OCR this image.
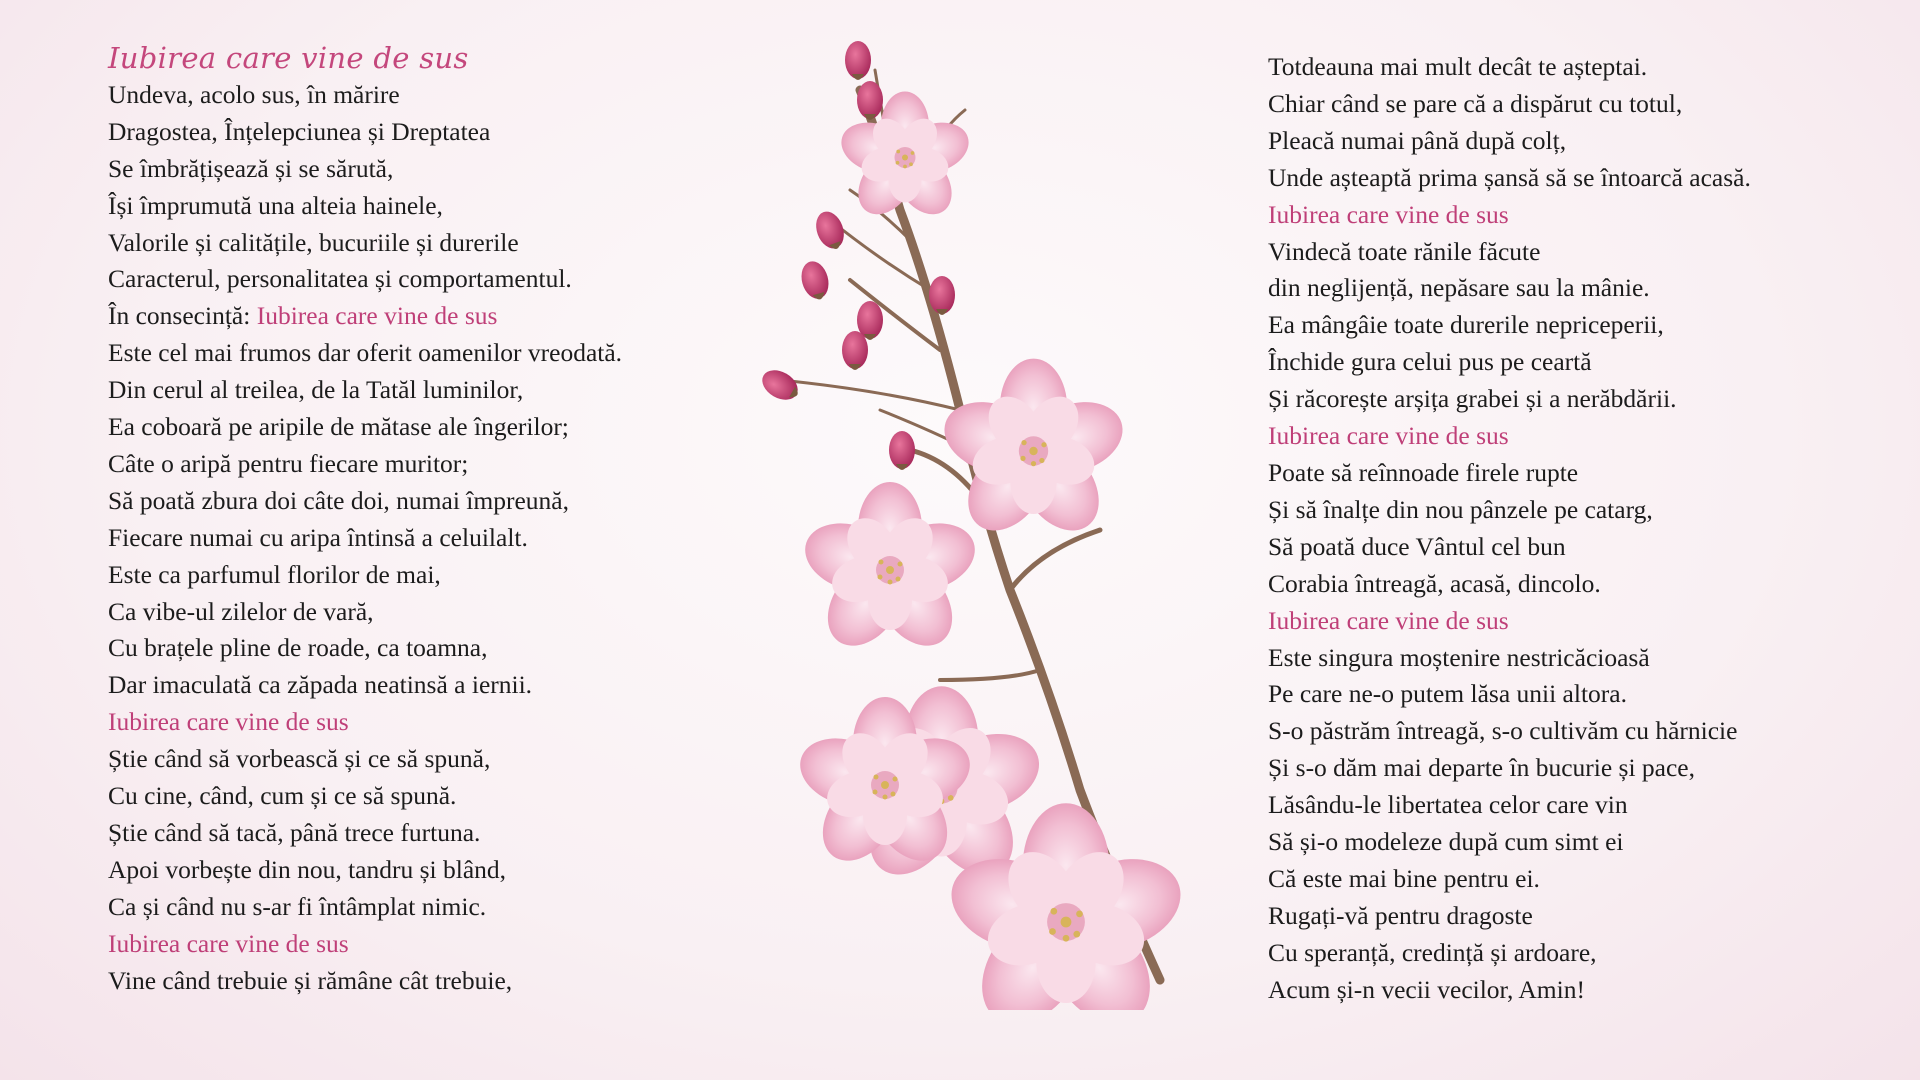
Iubirea care vine de sus
Undeva, acolo sus, în mărire
Dragostea, Înțelepciunea și Dreptatea
Se îmbrățișează și se sărută,
Își împrumută una alteia hainele,
Valorile și calitățile, bucuriile și durerile
Caracterul, personalitatea și comportamentul.
În consecință: Iubirea care vine de sus
Este cel mai frumos dar oferit oamenilor vreodată.
Din cerul al treilea, de la Tatăl luminilor,
Ea coboară pe aripile de mătase ale îngerilor;
Câte o aripă pentru fiecare muritor;
Să poată zbura doi câte doi, numai împreună,
Fiecare numai cu aripa întinsă a celuilalt.
Este ca parfumul florilor de mai,
Ca vibe-ul zilelor de vară,
Cu brațele pline de roade, ca toamna,
Dar imaculată ca zăpada neatinsă a iernii.
Iubirea care vine de sus
Știe când să vorbească și ce să spună,
Cu cine, când, cum și ce să spună.
Știe când să tacă, până trece furtuna.
Apoi vorbește din nou, tandru și blând,
Ca și când nu s-ar fi întâmplat nimic.
Iubirea care vine de sus
Vine când trebuie și rămâne cât trebuie,
Totdeauna mai mult decât te așteptai.
Chiar când se pare că a dispărut cu totul,
Pleacă numai până după colț,
Unde așteaptă prima șansă să se întoarcă acasă.
Iubirea care vine de sus
Vindecă toate rănile făcute
din neglijență, nepăsare sau la mânie.
Ea mângâie toate durerile nepriceperii,
Închide gura celui pus pe ceartă
Și răcorește arșița grabei și a nerăbdării.
Iubirea care vine de sus
Poate să reînnoade firele rupte
Și să înalțe din nou pânzele pe catarg,
Să poată duce Vântul cel bun
Corabia întreagă, acasă, dincolo.
Iubirea care vine de sus
Este singura moștenire nestricăcioasă
Pe care ne-o putem lăsa unii altora.
S-o păstrăm întreagă, s-o cultivăm cu hărnicie
Și s-o dăm mai departe în bucurie și pace,
Lăsându-le libertatea celor care vin
Să și-o modeleze după cum simt ei
Că este mai bine pentru ei.
Rugați-vă pentru dragoste
Cu speranță, credință și ardoare,
Acum și-n vecii vecilor, Amin!
